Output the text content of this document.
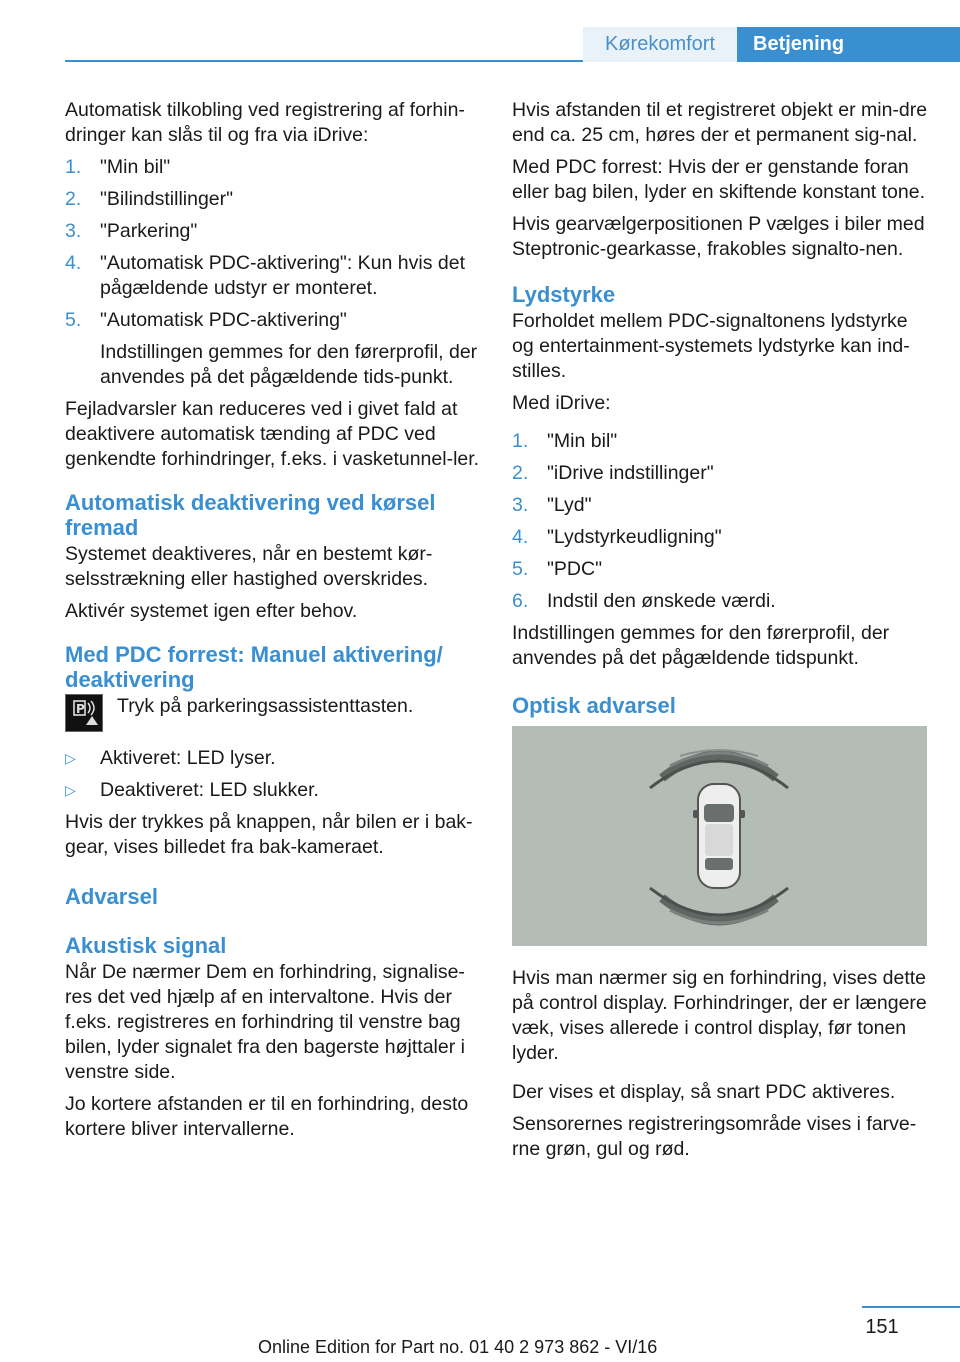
Kørekomfort	Betjening

Automatisk tilkobling ved registrering af forhin-dringer kan slås til og fra via iDrive:

1. "Min bil"
2. "Bilindstillinger"
3. "Parkering"
4. "Automatisk PDC-aktivering": Kun hvis det pågældende udstyr er monteret.
5. "Automatisk PDC-aktivering"

Indstillingen gemmes for den førerprofil, der anvendes på det pågældende tids-punkt.

Fejladvarsler kan reduceres ved i givet fald at deaktivere automatisk tænding af PDC ved genkendte forhindringer, f.eks. i vasketunnel-ler.

Automatisk deaktivering ved kørsel fremad

Systemet deaktiveres, når en bestemt kør-selsstrækning eller hastighed overskrides.

Aktivér systemet igen efter behov.

Med PDC forrest: Manuel aktivering/ deaktivering
P Tryk på parkeringsassistenttasten.
▷ Aktiveret: LED lyser.
▷ Deaktiveret: LED slukker.

Hvis der trykkes på knappen, når bilen er i bak-gear, vises billedet fra bak-kameraet.

Advarsel
Akustisk signal

Når De nærmer Dem en forhindring, signalise-res det ved hjælp af en intervaltone. Hvis der f.eks. registreres en forhindring til venstre bag bilen, lyder signalet fra den bagerste højttaler i venstre side.

Jo kortere afstanden er til en forhindring, desto kortere bliver intervallerne.

Hvis afstanden til et registreret objekt er min-dre end ca. 25 cm, høres der et permanent sig-nal.

Med PDC forrest: Hvis der er genstande foran eller bag bilen, lyder en skiftende konstant tone.

Hvis gearvælgerpositionen P vælges i biler med Steptronic-gearkasse, frakobles signalto-nen.

Lydstyrke

Forholdet mellem PDC-signaltonens lydstyrke og entertainment-systemets lydstyrke kan ind-stilles.

Med iDrive:

1. "Min bil"
2. "iDrive indstillinger"
3. "Lyd"
4. "Lydstyrkeudligning"
5. "PDC"
6. Indstil den ønskede værdi.

Indstillingen gemmes for den førerprofil, der anvendes på det pågældende tidspunkt.

Optisk advarsel

Hvis man nærmer sig en forhindring, vises dette på control display. Forhindringer, der er længere væk, vises allerede i control display, før tonen lyder.

Der vises et display, så snart PDC aktiveres.

Sensorernes registreringsområde vises i farve-rne grøn, gul og rød.

151
Online Edition for Part no. 01 40 2 973 862 - VI/16
